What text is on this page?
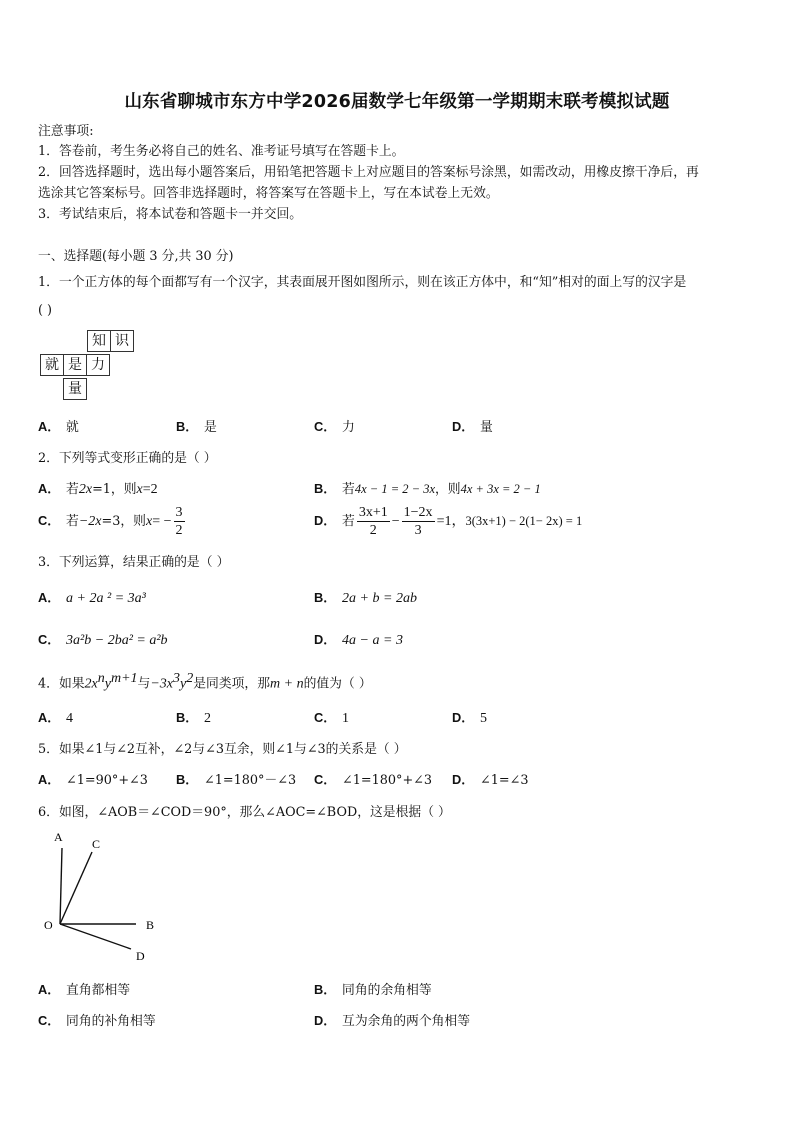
山东省聊城市东方中学2026届数学七年级第一学期期末联考模拟试题
注意事项:
1．答卷前，考生务必将自己的姓名、准考证号填写在答题卡上。
2．回答选择题时，选出每小题答案后，用铅笔把答题卡上对应题目的答案标号涂黑，如需改动，用橡皮擦干净后，再
选涂其它答案标号。回答非选择题时，将答案写在答题卡上，写在本试卷上无效。
3．考试结束后，将本试卷和答题卡一并交回。
一、选择题(每小题 3 分,共 30 分)
1．一个正方体的每个面都写有一个汉字，其表面展开图如图所示，则在该正方体中，和“知”相对的面上写的汉字是
( )
知 识
就 是 力
量
A． 就	B． 是	C． 力	D． 量
2．下列等式变形正确的是（ ）
A． 若2x=1，则x=2	B． 若4x − 1 = 2 − 3x，则4x + 3x = 2 − 1
C． 若−2x=3，则$x= - \frac{3}{2}$	D． 若 $\frac{3x+1}{2} - \frac{1-2x}{3} =1$，3(3x+1) − 2(1− 2x) = 1
3．下列运算，结果正确的是（ ）
A． a + 2a ² = 3a³	B． 2a + b = 2ab
C． 3a²b − 2ba² = a²b	D． 4a − a = 3
4．如果$2x^ny^{m+1}$与$-3x^3y^2$是同类项，那m + n的值为（ ）
A． 4	B． 2	C． 1	D． 5
5．如果∠1与∠2互补，∠2与∠3互余，则∠1与∠3的关系是（ ）
A． ∠1=90°+∠3 B． ∠1=180°－∠3 C． ∠1=180°+∠3 D． ∠1=∠3
6．如图，∠AOB＝∠COD＝90°，那么∠AOC=∠BOD，这是根据（ ）
A C
O	B
D
A． 直角都相等	B． 同角的余角相等
C． 同角的补角相等	D． 互为余角的两个角相等
